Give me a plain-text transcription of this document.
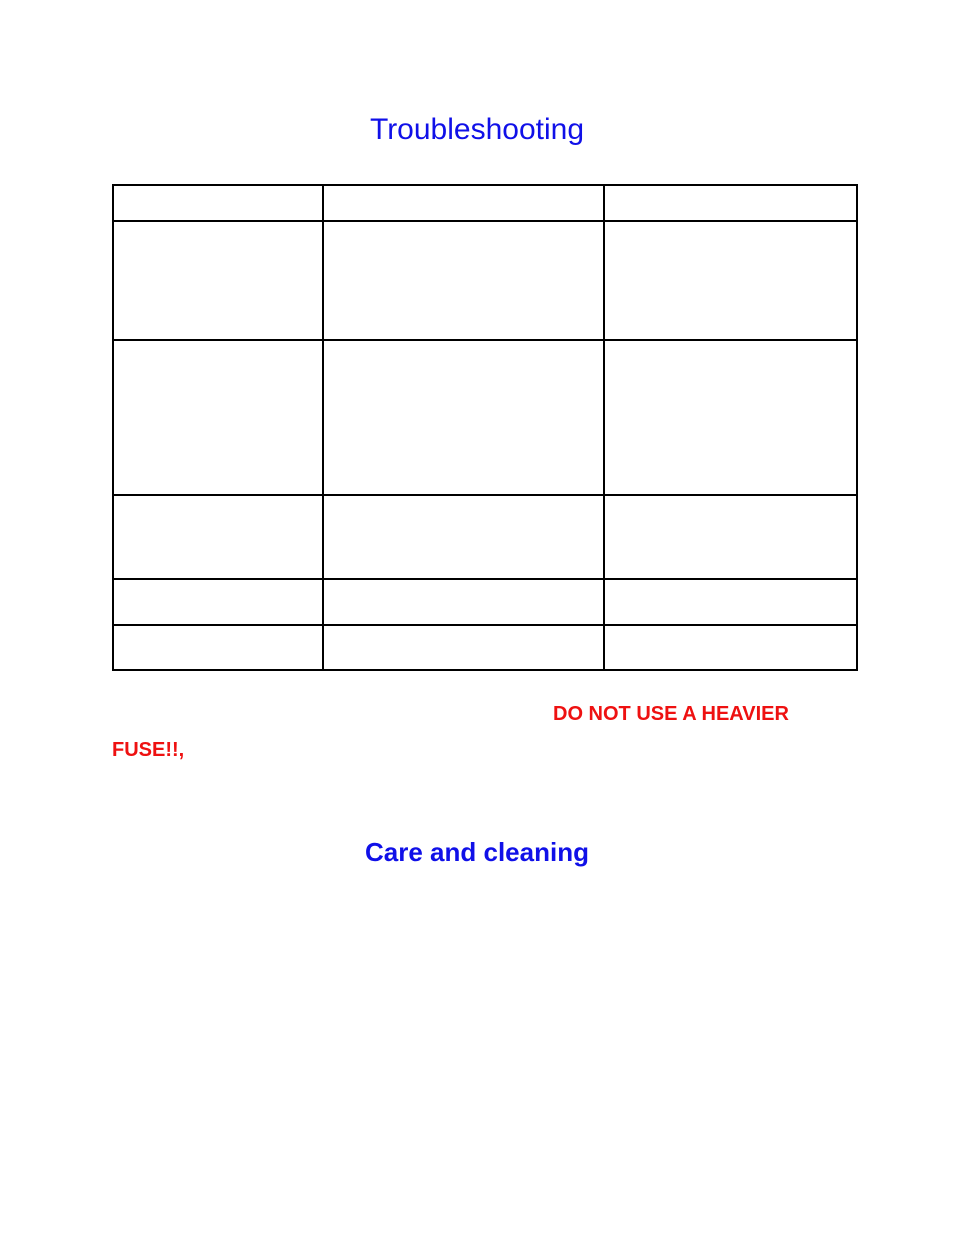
Troubleshooting

DO NOT USE A HEAVIER
FUSE!!,
Care and cleaning
